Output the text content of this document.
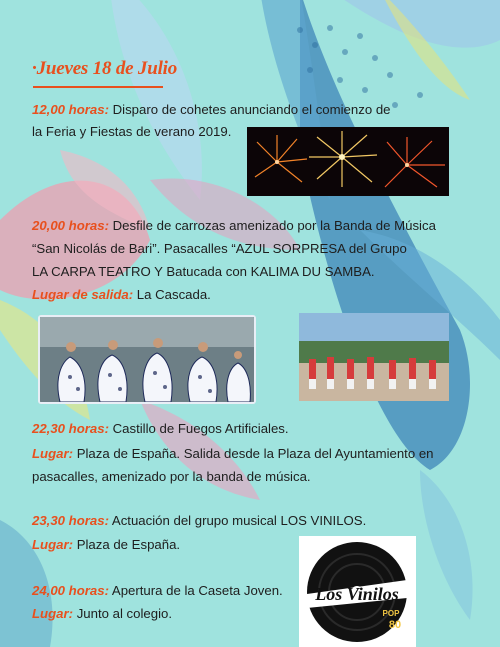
·Jueves 18 de Julio
12,00 horas: Disparo de cohetes anunciando el comienzo de
la Feria y Fiestas de verano 2019.
20,00 horas: Desfile de carrozas amenizado por la Banda de Música
“San Nicolás de Bari”. Pasacalles “AZUL SORPRESA del Grupo
LA CARPA TEATRO Y Batucada con KALIMA DU SAMBA.
Lugar de salida: La Cascada.
22,30 horas: Castillo de Fuegos Artificiales.
Lugar: Plaza de España. Salida desde la Plaza del Ayuntamiento en
pasacalles, amenizado por la banda de música.
23,30 horas: Actuación del grupo musical LOS VINILOS.
Lugar: Plaza de España.
24,00 horas: Apertura de la Caseta Joven.
Lugar: Junto al colegio.
Los Vinilos
POP
80
